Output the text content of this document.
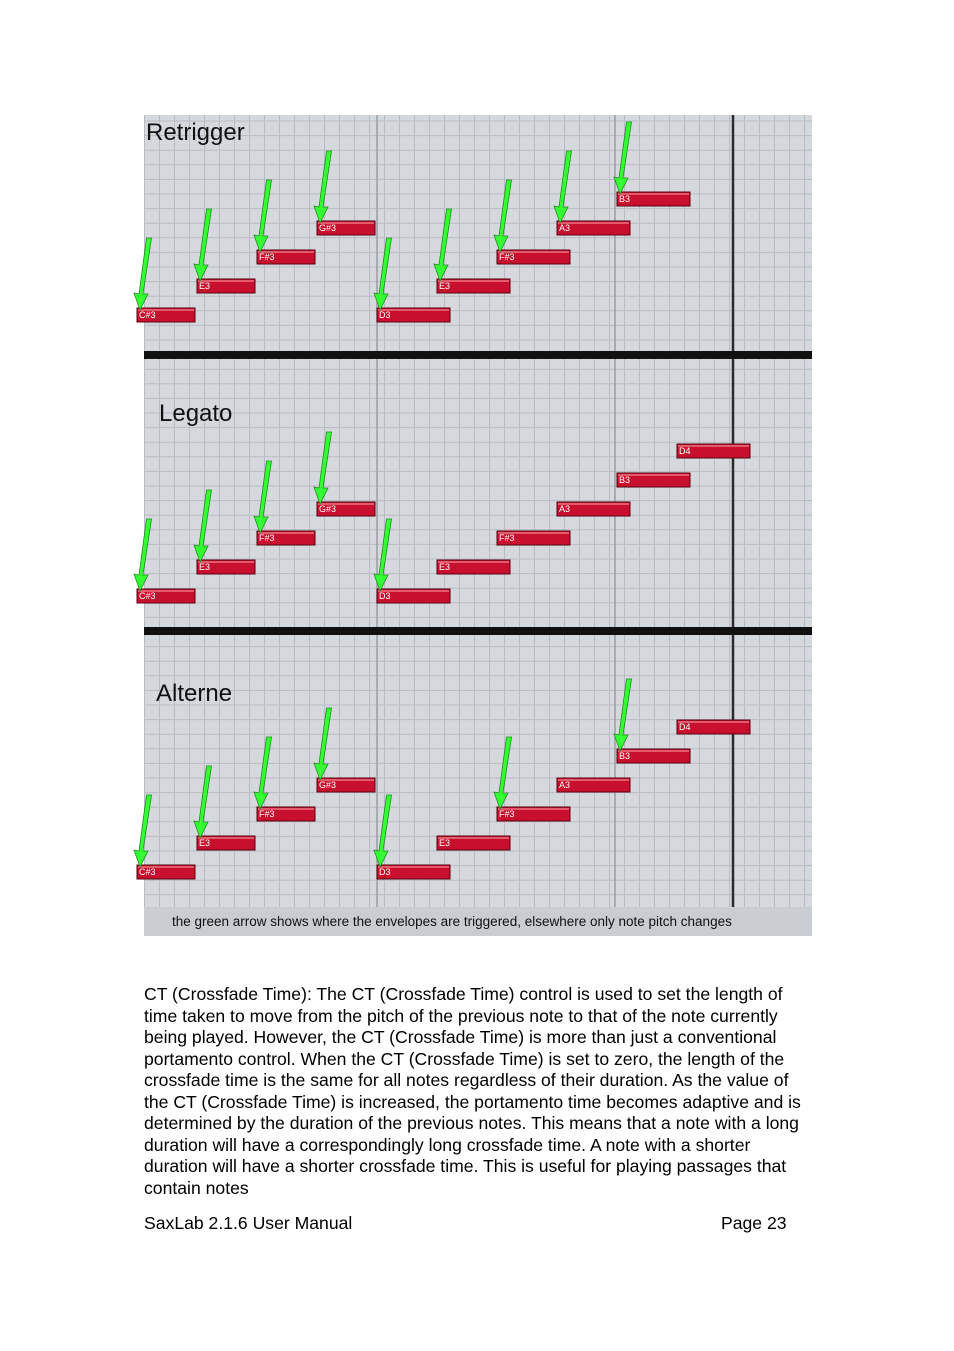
Retrigger
C#3
E3
F#3
G#3
D3
E3
F#3
A3
B3
Legato
C#3
E3
F#3
G#3
D3
E3
F#3
A3
B3
D4
Alterne
C#3
E3
F#3
G#3
D3
E3
F#3
A3
B3
D4
the green arrow shows where the envelopes are triggered, elsewhere only note pitch changes

CT (Crossfade Time): The CT (Crossfade Time) control is used to set the length of time taken to move from the pitch of the previous note to that of the note currently being played. However, the CT (Crossfade Time) is more than just a conventional portamento control. When the CT (Crossfade Time) is set to zero, the length of the crossfade time is the same for all notes regardless of their duration. As the value of the CT (Crossfade Time) is increased, the portamento time becomes adaptive and is determined by the duration of the previous notes. This means that a note with a long duration will have a correspondingly long crossfade time. A note with a shorter duration will have a shorter crossfade time. This is useful for playing passages that contain notes

SaxLab 2.1.6 User Manual	Page 23
